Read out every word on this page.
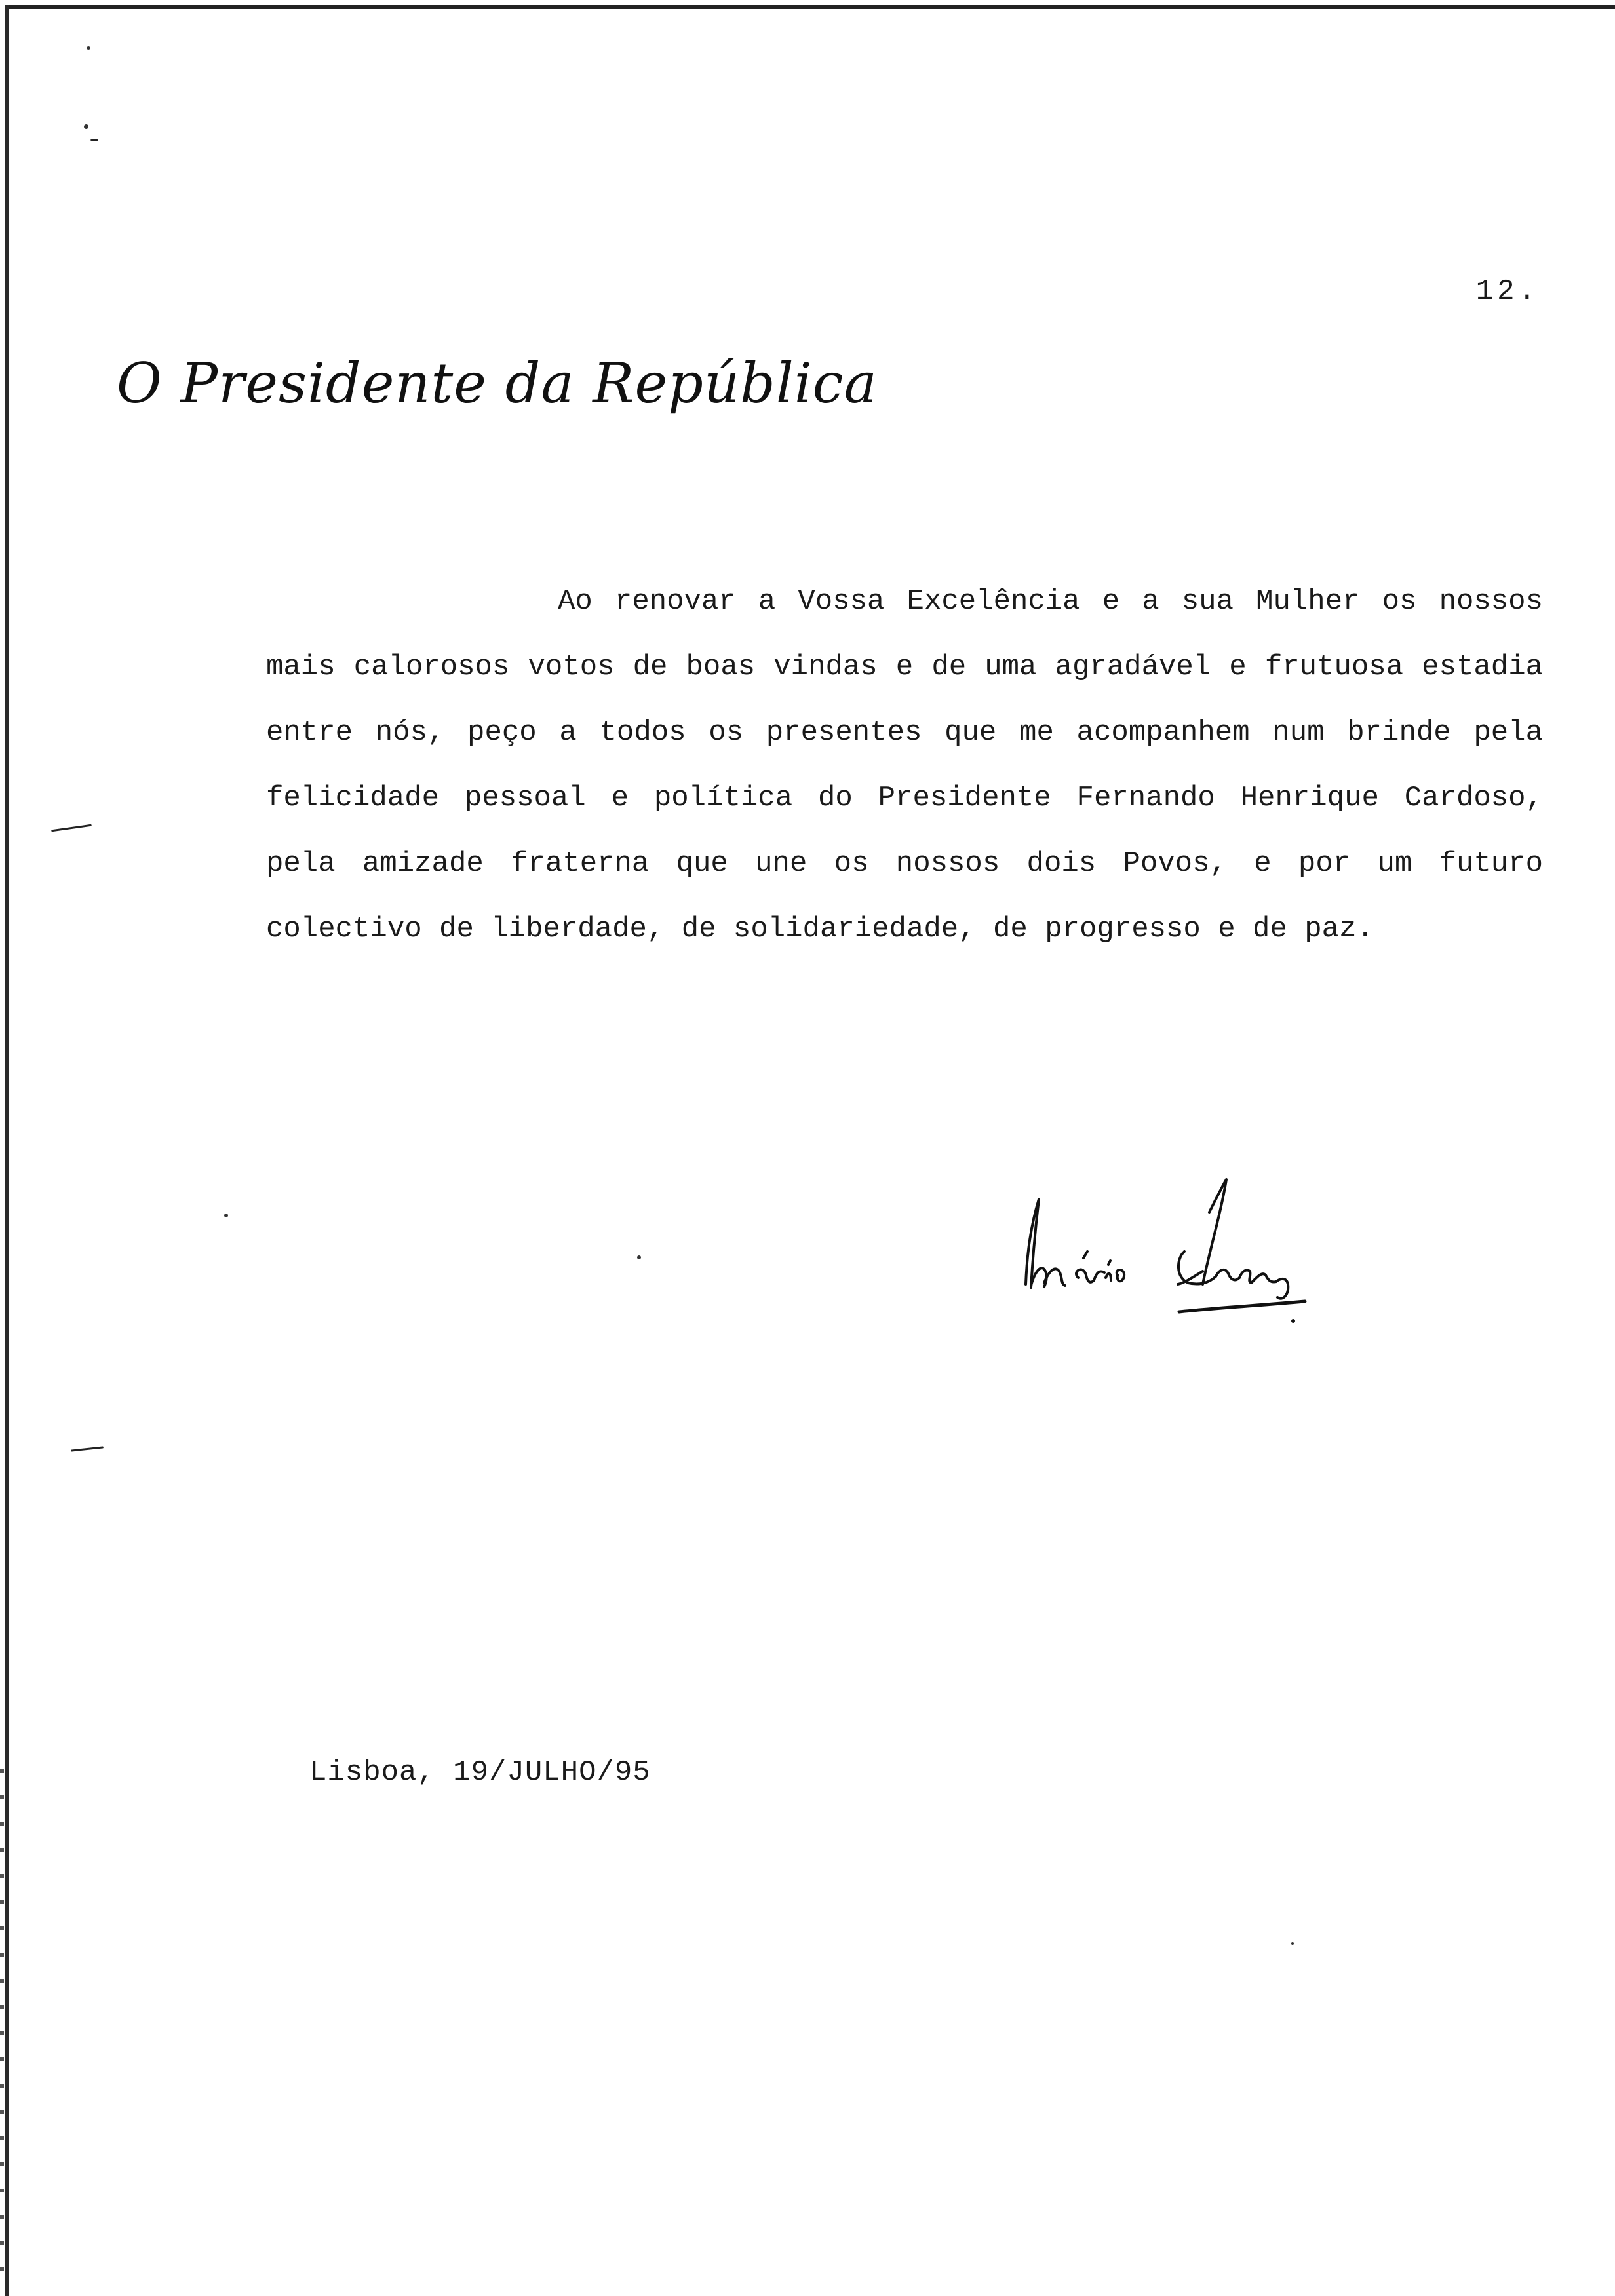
12.
O Presidente da República
Ao renovar a Vossa Excelência e a sua Mulher os nossos mais calorosos votos de boas vindas e de uma agradável e frutuosa estadia entre nós, peço a todos os presentes que me acompanhem num brinde pela felicidade pessoal e política do Presidente Fernando Henrique Cardoso, pela amizade fraterna que une os nossos dois Povos, e por um futuro colectivo de liberdade, de solidariedade, de progresso e de paz.
Lisboa, 19/JULHO/95
